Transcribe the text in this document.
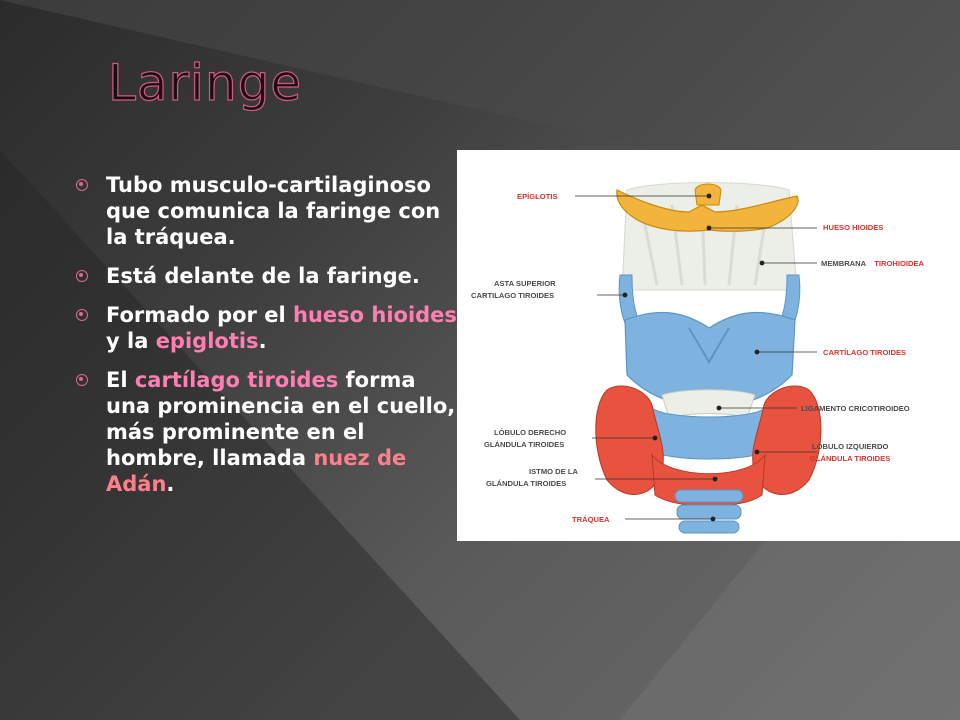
Laringe
Tubo musculo-cartilaginoso que comunica la faringe con la tráquea.
Está delante de la faringe.
Formado por el hueso hioides y la epiglotis.
El cartílago tiroides forma una prominencia en el cuello, más prominente en el hombre, llamada nuez de Adán.
EPÍGLOTIS
HUESO HIOIDES
MEMBRANA TIROHIOIDEA
ASTA SUPERIOR
CARTILAGO TIROIDES
CARTÍLAGO TIROIDES
LIGAMENTO CRICOTIROIDEO
LÓBULO DERECHO
GLÁNDULA TIROIDES	LÓBULO IZQUIERDO
GLÁNDULA TIROIDES
ISTMO DE LA
GLÁNDULA TIROIDES
TRÁQUEA
